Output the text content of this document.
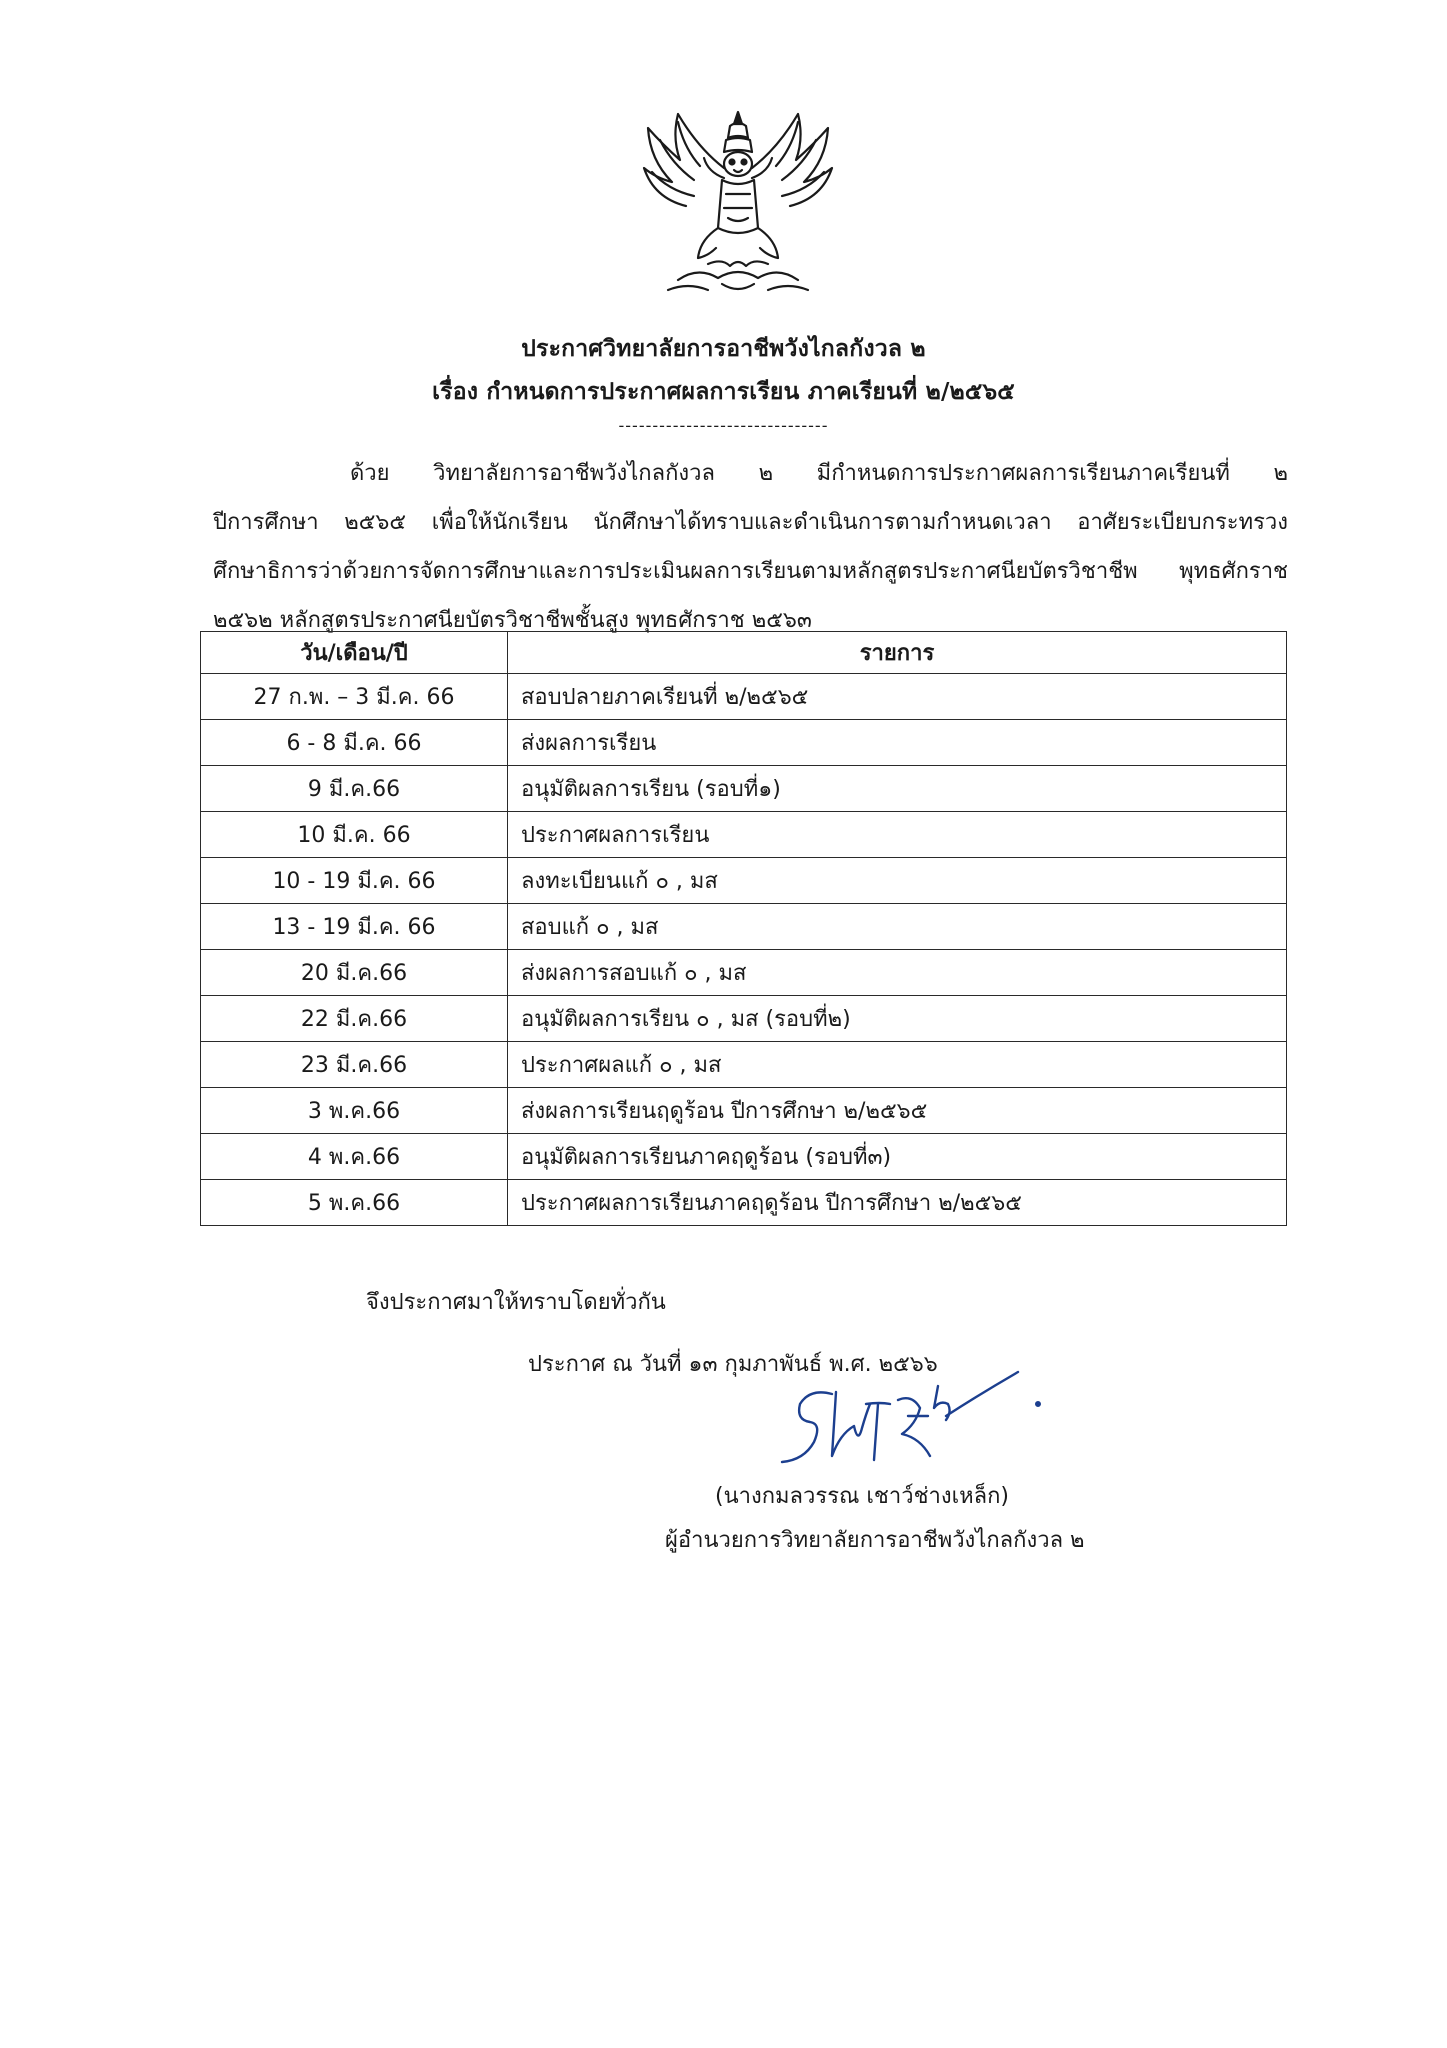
ประกาศวิทยาลัยการอาชีพวังไกลกังวล ๒
เรื่อง กำหนดการประกาศผลการเรียน ภาคเรียนที่ ๒/๒๕๖๕
-------------------------------
ด้วย วิทยาลัยการอาชีพวังไกลกังวล ๒ มีกำหนดการประกาศผลการเรียนภาคเรียนที่ ๒
ปีการศึกษา ๒๕๖๕ เพื่อให้นักเรียน นักศึกษาได้ทราบและดำเนินการตามกำหนดเวลา อาศัยระเบียบกระทรวง
ศึกษาธิการว่าด้วยการจัดการศึกษาและการประเมินผลการเรียนตามหลักสูตรประกาศนียบัตรวิชาชีพ พุทธศักราช
๒๕๖๒ หลักสูตรประกาศนียบัตรวิชาชีพชั้นสูง พุทธศักราช ๒๕๖๓
วัน/เดือน/ปี	รายการ
27 ก.พ. – 3 มี.ค. 66	สอบปลายภาคเรียนที่ ๒/๒๕๖๕
6 - 8 มี.ค. 66	ส่งผลการเรียน
9 มี.ค.66	อนุมัติผลการเรียน (รอบที่๑)
10 มี.ค. 66	ประกาศผลการเรียน
10 - 19 มี.ค. 66	ลงทะเบียนแก้ ๐ , มส
13 - 19 มี.ค. 66	สอบแก้ ๐ , มส
20 มี.ค.66	ส่งผลการสอบแก้ ๐ , มส
22 มี.ค.66	อนุมัติผลการเรียน ๐ , มส (รอบที่๒)
23 มี.ค.66	ประกาศผลแก้ ๐ , มส
3 พ.ค.66	ส่งผลการเรียนฤดูร้อน ปีการศึกษา ๒/๒๕๖๕
4 พ.ค.66	อนุมัติผลการเรียนภาคฤดูร้อน (รอบที่๓)
5 พ.ค.66	ประกาศผลการเรียนภาคฤดูร้อน ปีการศึกษา ๒/๒๕๖๕
จึงประกาศมาให้ทราบโดยทั่วกัน
ประกาศ ณ วันที่ ๑๓ กุมภาพันธ์ พ.ศ. ๒๕๖๖
(นางกมลวรรณ เชาว์ช่างเหล็ก)
ผู้อำนวยการวิทยาลัยการอาชีพวังไกลกังวล ๒
